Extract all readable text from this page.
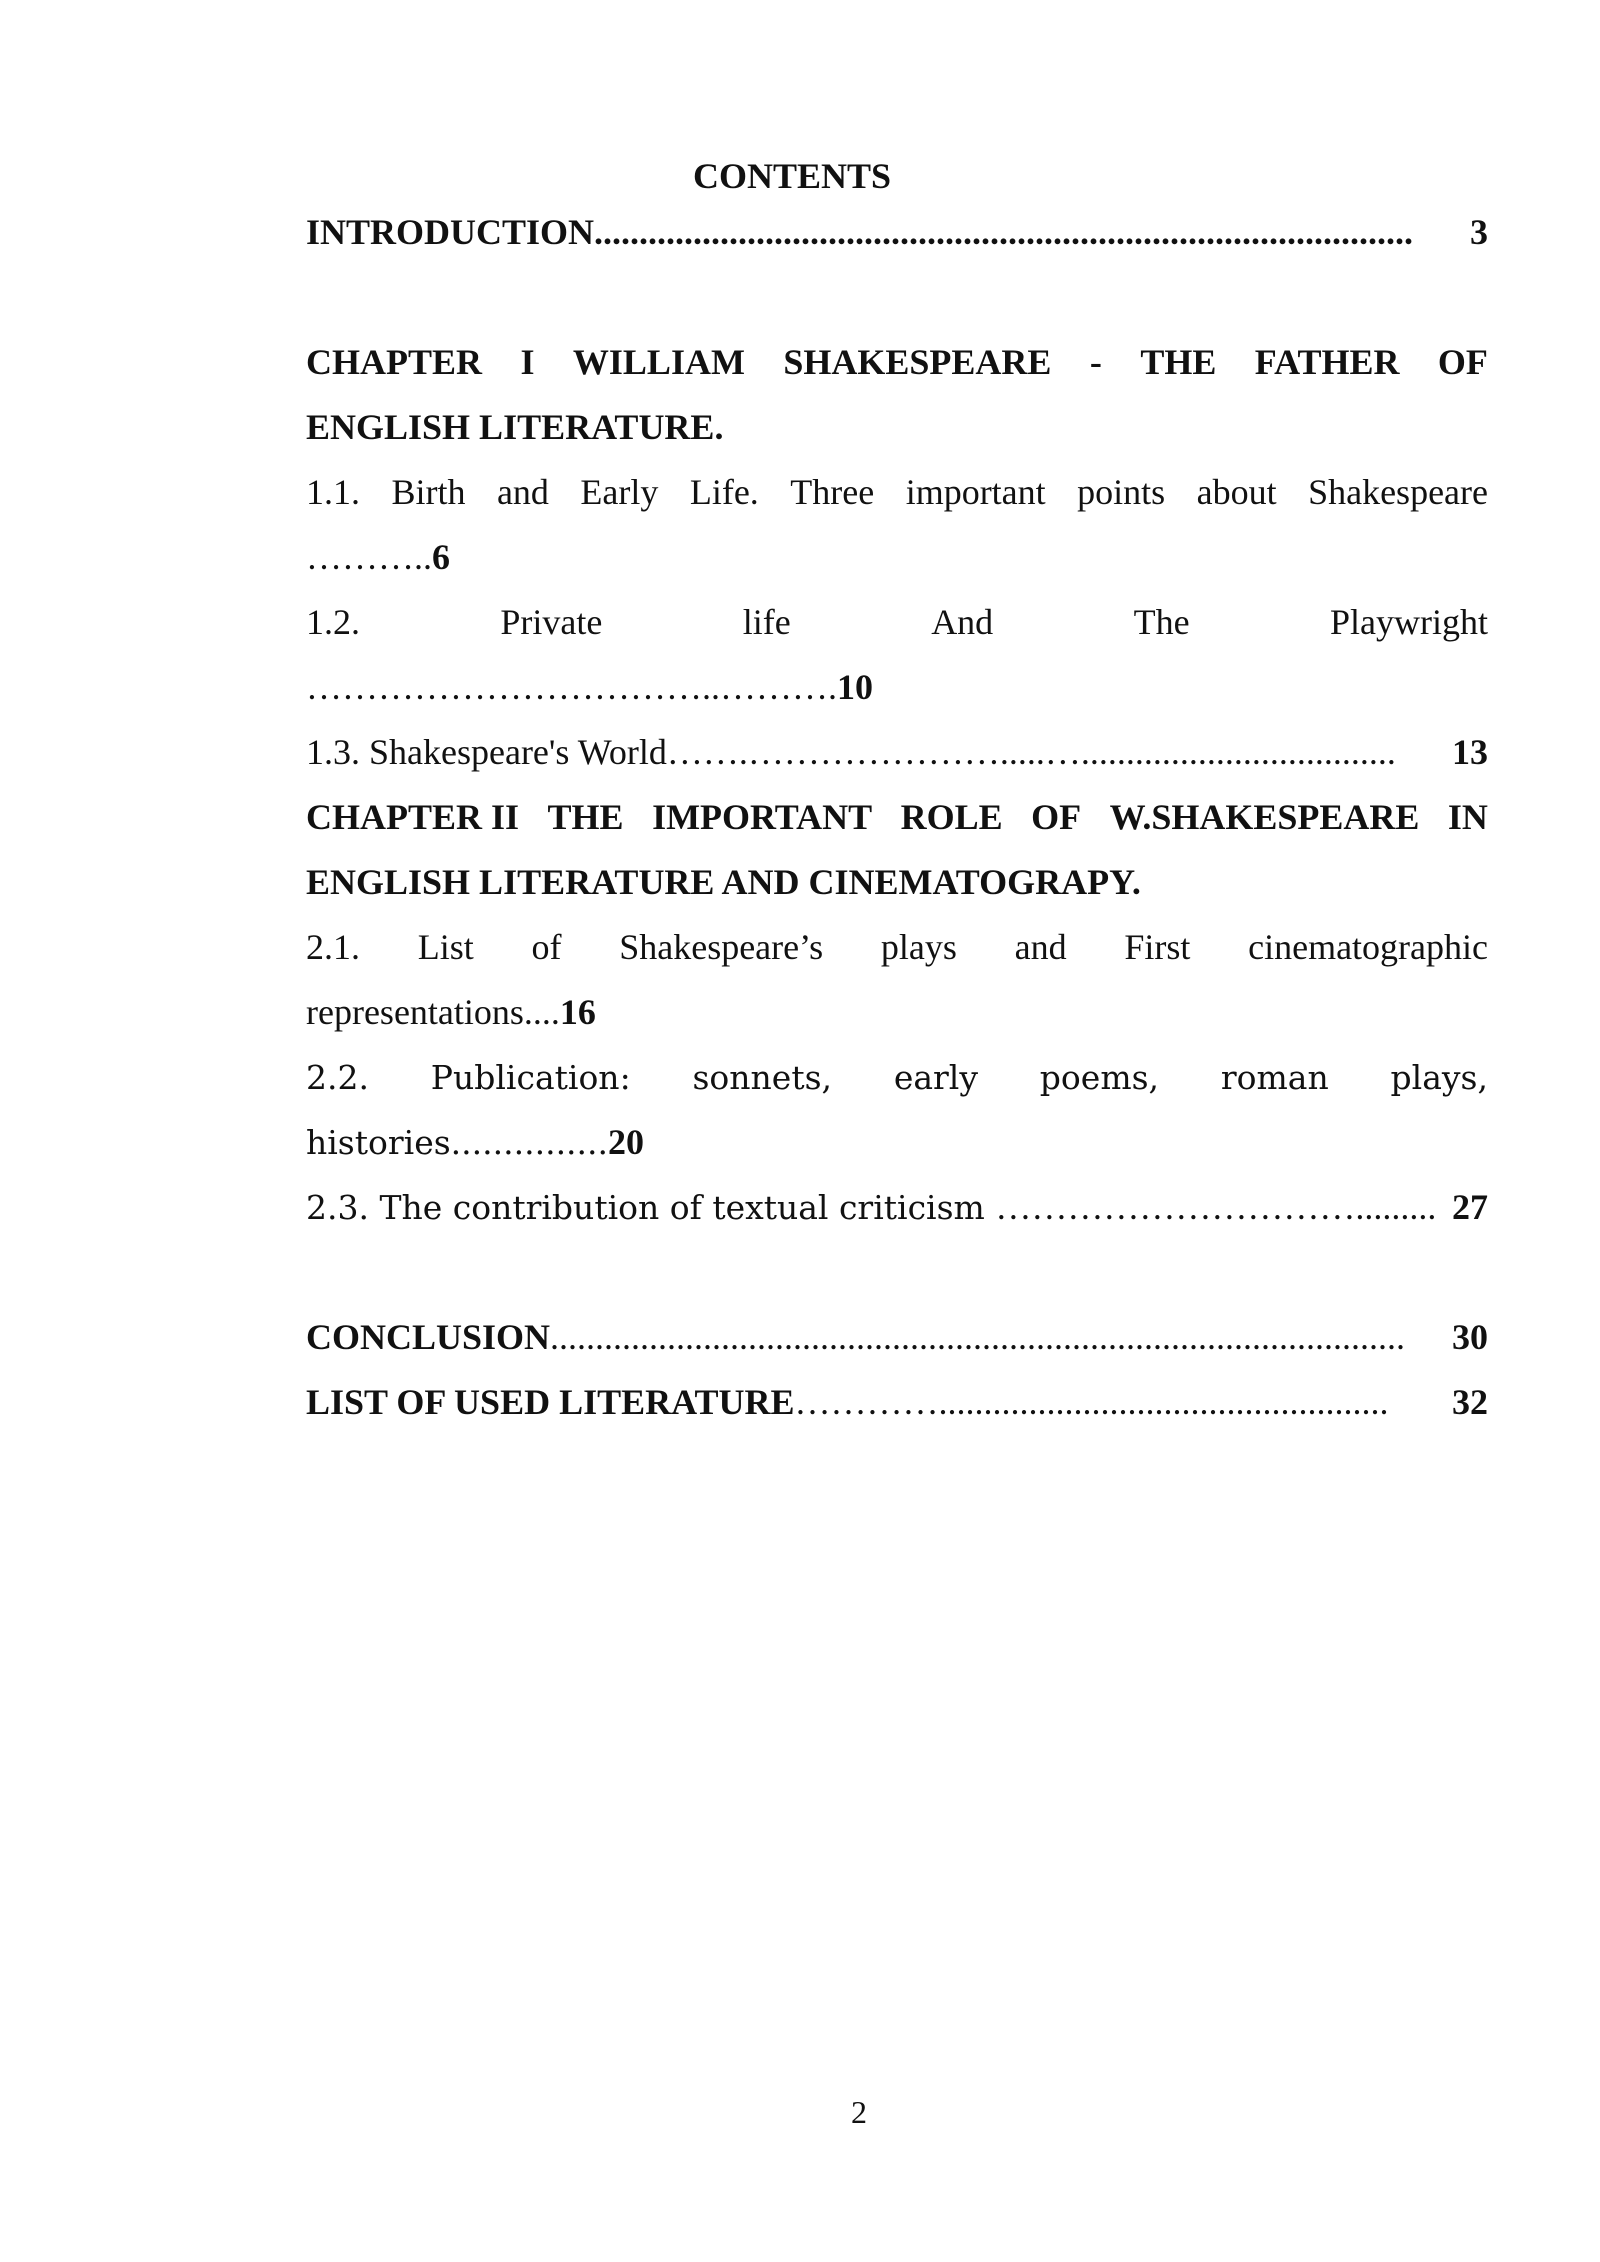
CONTENTS
INTRODUCTION ...........................................................................................	3
CHAPTER I WILLIAM SHAKESPEARE - THE FATHER OF
ENGLISH LITERATURE.
1.1. Birth and Early Life. Three important points about Shakespeare
……….. 6
1.2.	Private	life	And	The	Playwright
……………………………..………. 10
1.3. Shakespeare's World …….………………….....…...................................	13
CHAPTER II THE IMPORTANT ROLE OF W.SHAKESPEARE IN
ENGLISH LITERATURE AND CINEMATOGRAPY.
2.1. List of Shakespeare’s plays and First cinematographic
representations.... 16
2.2. Publication: sonnets, early poems, roman plays,
histories............... 20
2.3. The contribution of textual criticism …………………………......... 27
CONCLUSION ...............................................................................................	30
LIST OF USED LITERATURE …………..................................................	32
2
